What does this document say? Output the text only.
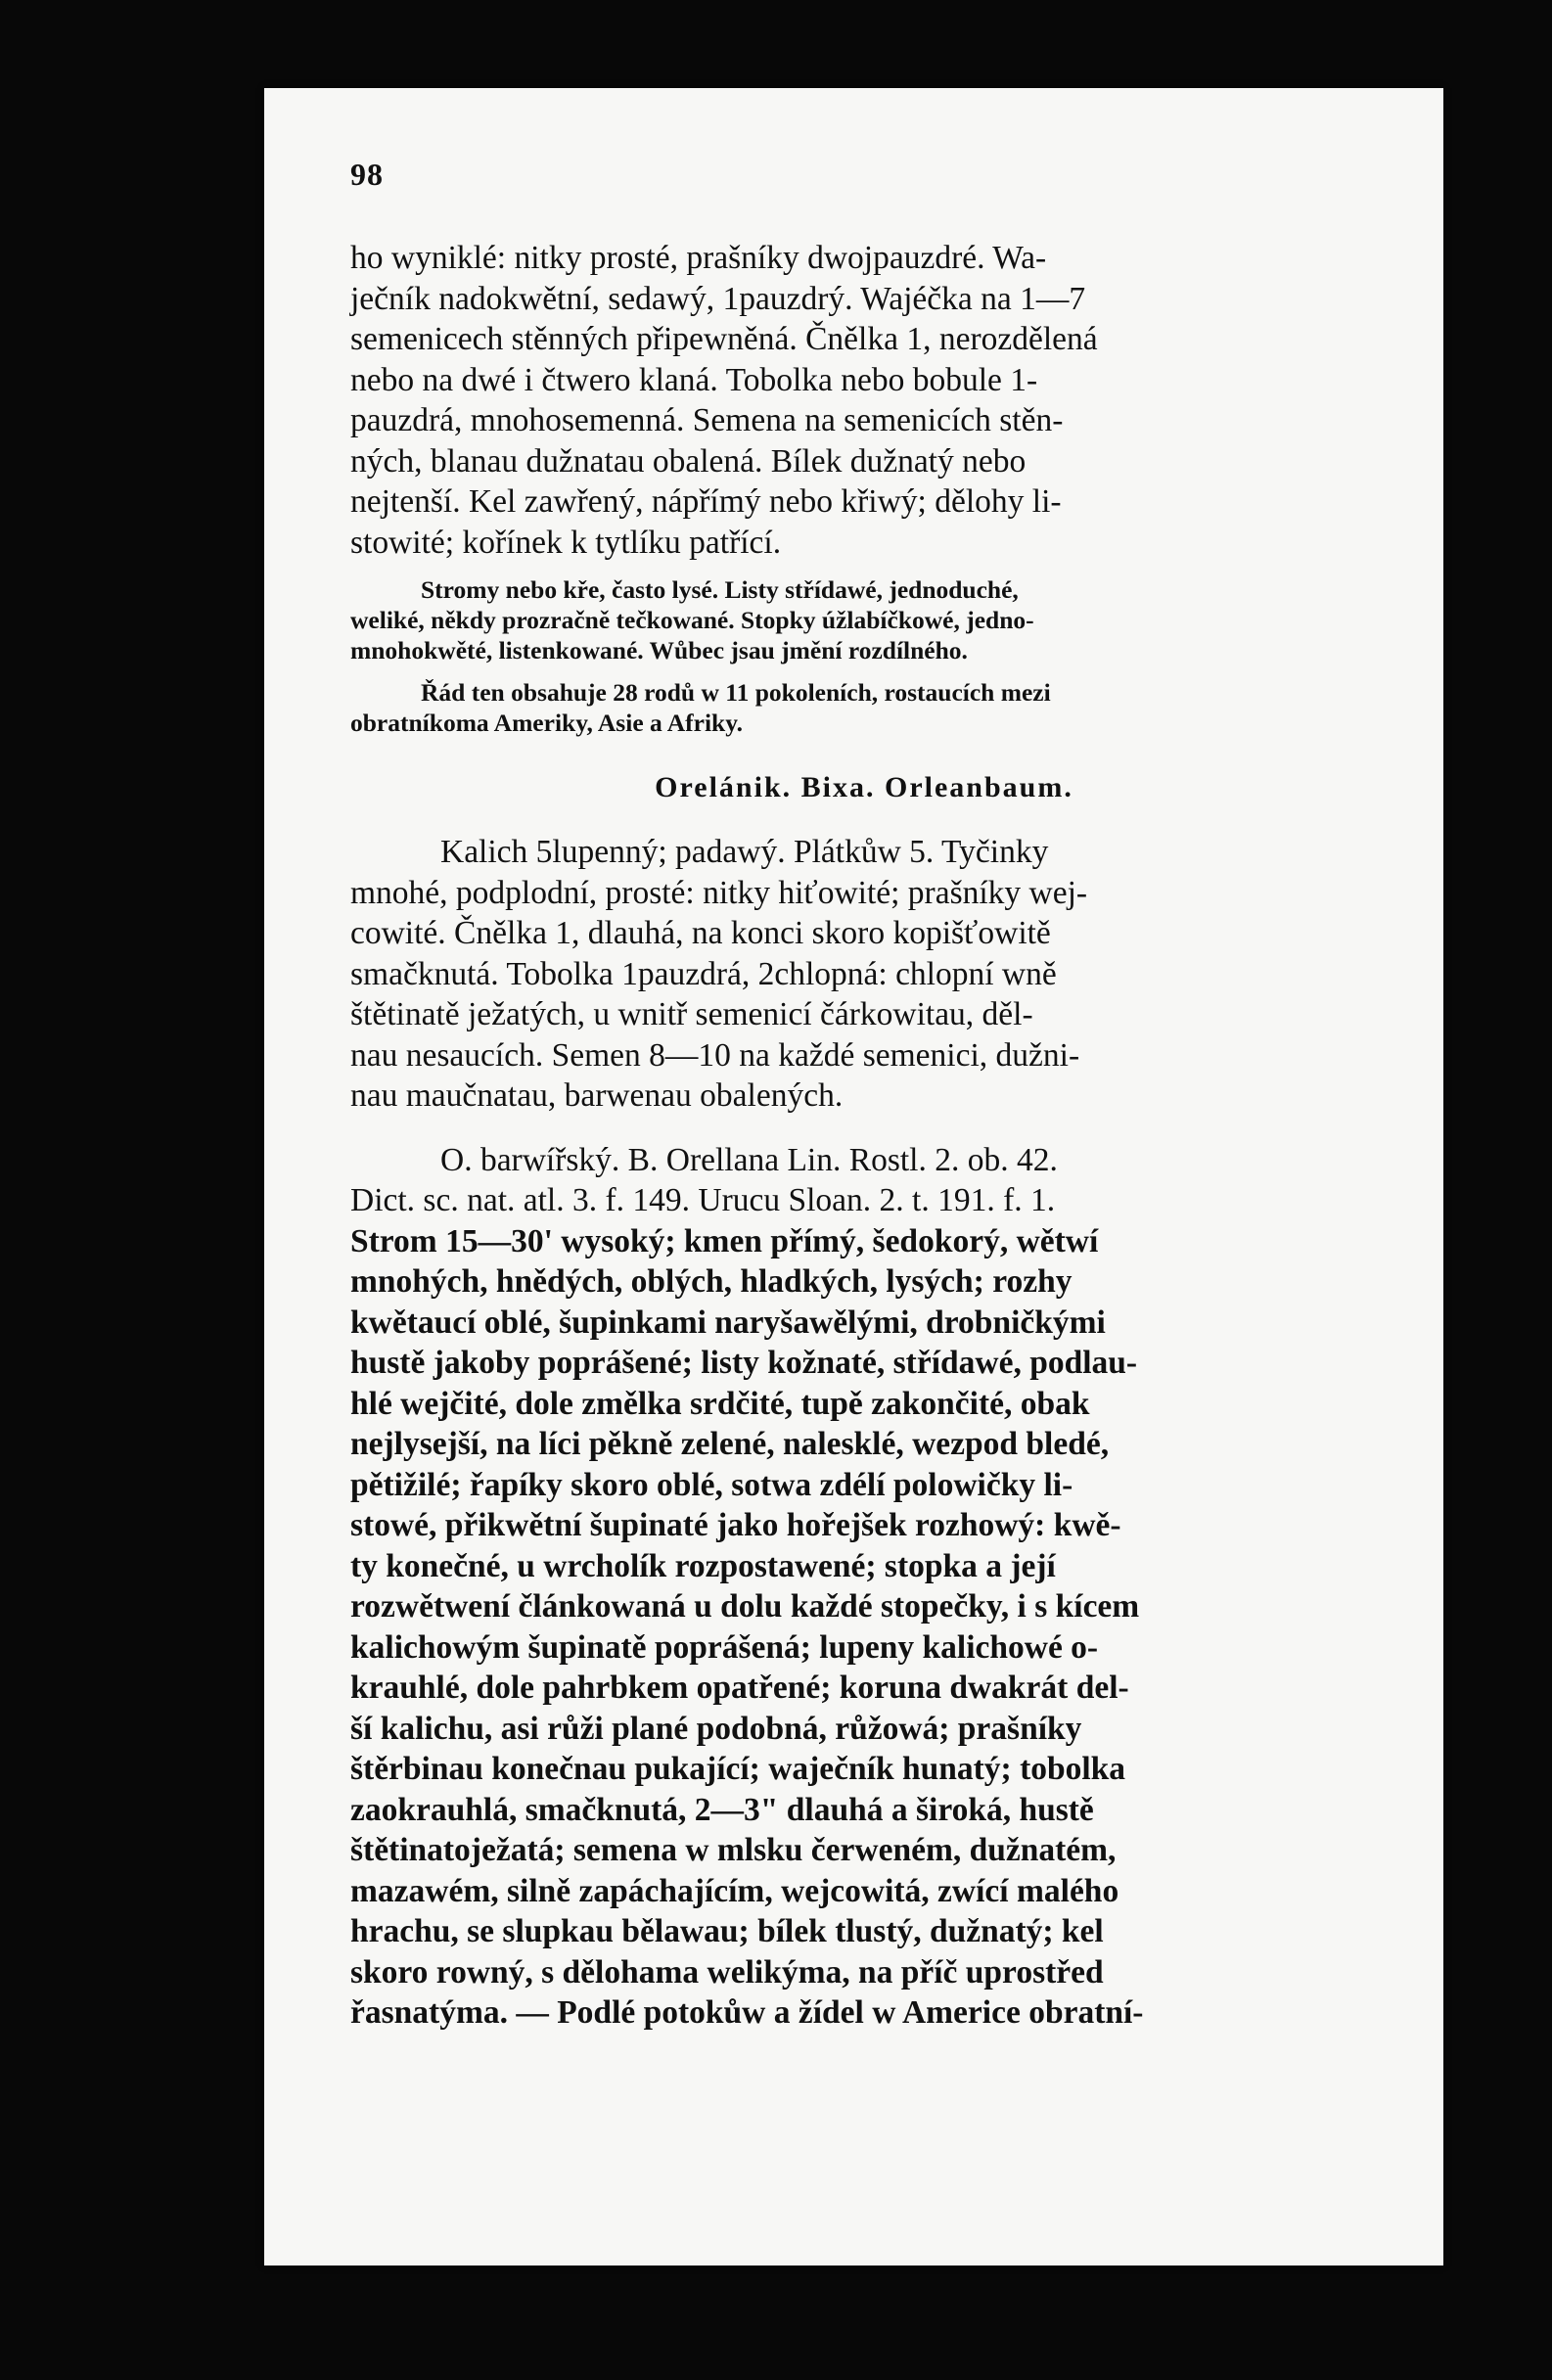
98
ho wyniklé: nitky prosté, prašníky dwojpauzdré. Wa-
ječník nadokwětní, sedawý, 1pauzdrý. Wajéčka na 1—7
semenicech stěnných připewněná. Čnělka 1, nerozdělená
nebo na dwé i čtwero klaná. Tobolka nebo bobule 1-
pauzdrá, mnohosemenná. Semena na semenicích stěn-
ných, blanau dužnatau obalená. Bílek dužnatý nebo
nejtenší. Kel zawřený, nápřímý nebo křiwý; dělohy li-
stowité; kořínek k tytlíku patřící.
Stromy nebo kře, často lysé. Listy střídawé, jednoduché,
weliké, někdy prozračně tečkowané. Stopky úžlabíčkowé, jedno-
mnohokwěté, listenkowané. Wůbec jsau jmění rozdílného.
Řád ten obsahuje 28 rodů w 11 pokoleních, rostaucích mezi
obratníkoma Ameriky, Asie a Afriky.
Orelánik. Bixa. Orleanbaum.
Kalich 5lupenný; padawý. Plátkůw 5. Tyčinky
mnohé, podplodní, prosté: nitky hiťowité; prašníky wej-
cowité. Čnělka 1, dlauhá, na konci skoro kopišťowitě
smačknutá. Tobolka 1pauzdrá, 2chlopná: chlopní wně
štětinatě ježatých, u wnitř semenicí čárkowitau, děl-
nau nesaucích. Semen 8—10 na každé semenici, dužni-
nau maučnatau, barwenau obalených.
O. barwířský. B. Orellana Lin. Rostl. 2. ob. 42.
Dict. sc. nat. atl. 3. f. 149. Urucu Sloan. 2. t. 191. f. 1.
Strom 15—30' wysoký; kmen přímý, šedokorý, wětwí
mnohých, hnědých, oblých, hladkých, lysých; rozhy
kwětaucí oblé, šupinkami naryšawělými, drobničkými
hustě jakoby poprášené; listy kožnaté, střídawé, podlau-
hlé wejčité, dole změlka srdčité, tupě zakončité, obak
nejlysejší, na líci pěkně zelené, nalesklé, wezpod bledé,
pětižilé; řapíky skoro oblé, sotwa zdélí polowičky li-
stowé, přikwětní šupinaté jako hořejšek rozhowý: kwě-
ty konečné, u wrcholík rozpostawené; stopka a její
rozwětwení článkowaná u dolu každé stopečky, i s kícem
kalichowým šupinatě poprášená; lupeny kalichowé o-
krauhlé, dole pahrbkem opatřené; koruna dwakrát del-
ší kalichu, asi růži plané podobná, růžowá; prašníky
štěrbinau konečnau pukající; waječník hunatý; tobolka
zaokrauhlá, smačknutá, 2—3" dlauhá a široká, hustě
štětinatoježatá; semena w mlsku čerweném, dužnatém,
mazawém, silně zapáchajícím, wejcowitá, zwící malého
hrachu, se slupkau bělawau; bílek tlustý, dužnatý; kel
skoro rowný, s dělohama welikýma, na příč uprostřed
řasnatýma. — Podlé potokůw a žídel w Americe obratní-
